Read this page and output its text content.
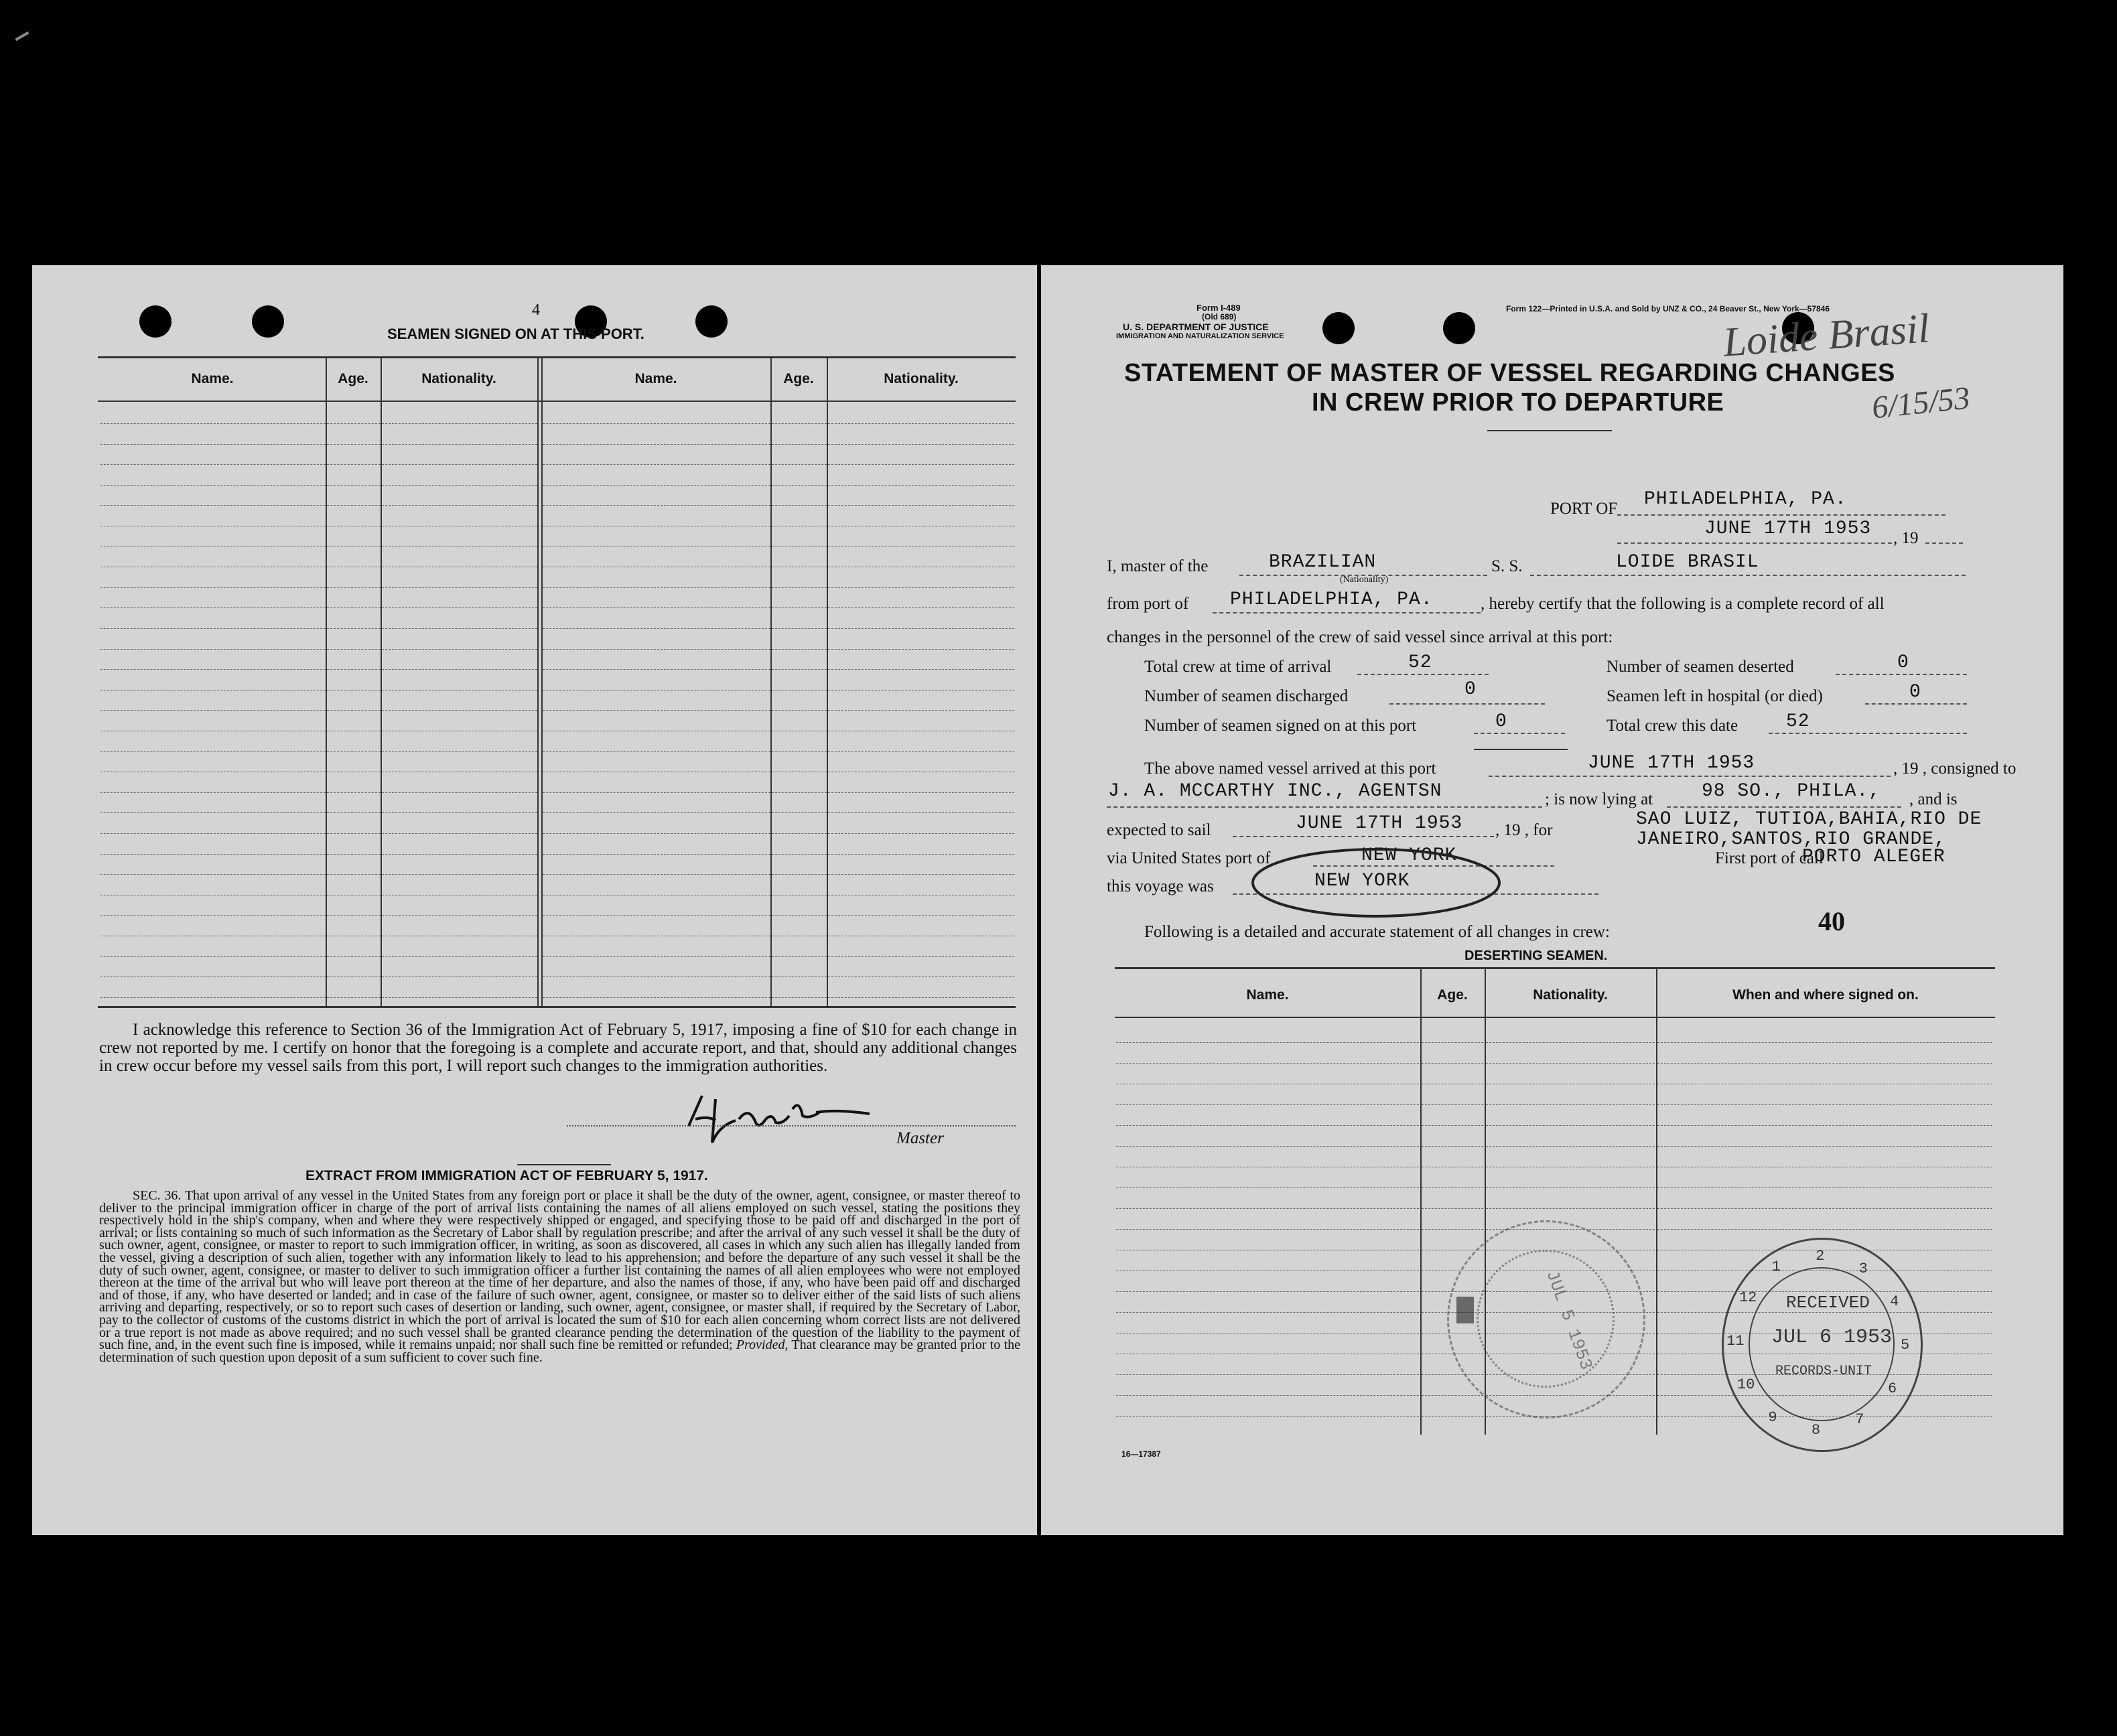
4
SEAMEN SIGNED ON AT THIS PORT.
Name.	Age.	Nationality.	Name.	Age.	Nationality.
I acknowledge this reference to Section 36 of the Immigration Act of February 5, 1917, imposing a fine of $10 for each change in crew not reported by me. I certify on honor that the foregoing is a complete and accurate report, and that, should any additional changes in crew occur before my vessel sails from this port, I will report such changes to the immigration authorities.
Master
EXTRACT FROM IMMIGRATION ACT OF FEBRUARY 5, 1917.
SEC. 36. That upon arrival of any vessel in the United States from any foreign port or place it shall be the duty of the owner, agent, consignee, or master thereof to deliver to the principal immigration officer in charge of the port of arrival lists containing the names of all aliens employed on such vessel, stating the positions they respectively hold in the ship's company, when and where they were respectively shipped or engaged, and specifying those to be paid off and discharged in the port of arrival; or lists containing so much of such information as the Secretary of Labor shall by regulation prescribe; and after the arrival of any such vessel it shall be the duty of such owner, agent, consignee, or master to report to such immigration officer, in writing, as soon as discovered, all cases in which any such alien has illegally landed from the vessel, giving a description of such alien, together with any information likely to lead to his apprehension; and before the departure of any such vessel it shall be the duty of such owner, agent, consignee, or master to deliver to such immigration officer a further list containing the names of all alien employees who were not employed thereon at the time of the arrival but who will leave port thereon at the time of her departure, and also the names of those, if any, who have been paid off and discharged and of those, if any, who have deserted or landed; and in case of the failure of such owner, agent, consignee, or master so to deliver either of the said lists of such aliens arriving and departing, respectively, or so to report such cases of desertion or landing, such owner, agent, consignee, or master shall, if required by the Secretary of Labor, pay to the collector of customs of the customs district in which the port of arrival is located the sum of $10 for each alien concerning whom correct lists are not delivered or a true report is not made as above required; and no such vessel shall be granted clearance pending the determination of the question of the liability to the payment of such fine, and, in the event such fine is imposed, while it remains unpaid; nor shall such fine be remitted or refunded; Provided, That clearance may be granted prior to the determination of such question upon deposit of a sum sufficient to cover such fine.
Form I-489
(Old 689)
U. S. DEPARTMENT OF JUSTICE
IMMIGRATION AND NATURALIZATION SERVICE
Form 122—Printed in U.S.A. and Sold by UNZ & CO., 24 Beaver St., New York—57846
Loide Brasil
6/15/53
STATEMENT OF MASTER OF VESSEL REGARDING CHANGES
IN CREW PRIOR TO DEPARTURE
PORT OF PHILADELPHIA, PA.
JUNE 17TH 1953 , 19
I, master of the	BRAZILIAN
(Nationality)
S. S.	LOIDE BRASIL
from port of PHILADELPHIA, PA.	, hereby certify that the following is a complete record of all
changes in the personnel of the crew of said vessel since arrival at this port:
Total crew at time of arrival	52	Number of seamen deserted	0
Number of seamen discharged	0	Seamen left in hospital (or died)	0
Number of seamen signed on at this port	0	Total crew this date	52
The above named vessel arrived at this port	JUNE 17TH 1953	, 19 , consigned to
J. A. MCCARTHY INC., AGENTSN	; is now lying at	98 SO., PHILA., , and is
expected to sail	JUNE 17TH 1953 , 19 , for
SAO LUIZ, TUTIOA,BAHIA,RIO DE
JANEIRO,SANTOS,RIO GRANDE,
via United States port of	NEW YORK	First port of call
PORTO ALEGER
this voyage was	NEW YORK
40
Following is a detailed and accurate statement of all changes in crew:
DESERTING SEAMEN.
Name.	Age.	Nationality.	When and where signed on.
16—17387
JUL 5 1953
1
2
3
4
5
6
7
8
9
10
11
12 RECEIVED
JUL 6 1953
RECORDS-UNIT
